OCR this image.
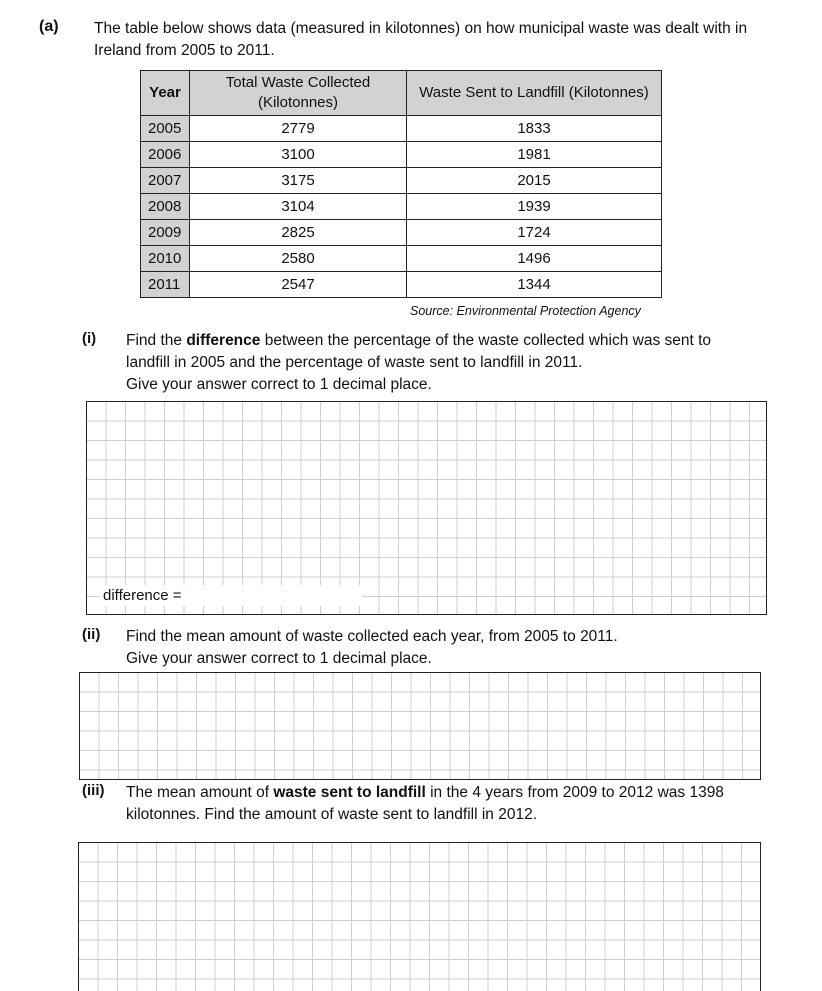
(a) The table below shows data (measured in kilotonnes) on how municipal waste was dealt with in Ireland from 2005 to 2011.
Year	Total Waste Collected (Kilotonnes)	Waste Sent to Landfill (Kilotonnes)
2005	2779	1833
2006	3100	1981
2007	3175	2015
2008	3104	1939
2009	2825	1724
2010	2580	1496
2011	2547	1344
Source: Environmental Protection Agency
(i) Find the difference between the percentage of the waste collected which was sent to landfill in 2005 and the percentage of waste sent to landfill in 2011.
Give your answer correct to 1 decimal place.
difference =
(ii) Find the mean amount of waste collected each year, from 2005 to 2011.
Give your answer correct to 1 decimal place.
(iii) The mean amount of waste sent to landfill in the 4 years from 2009 to 2012 was 1398 kilotonnes. Find the amount of waste sent to landfill in 2012.
